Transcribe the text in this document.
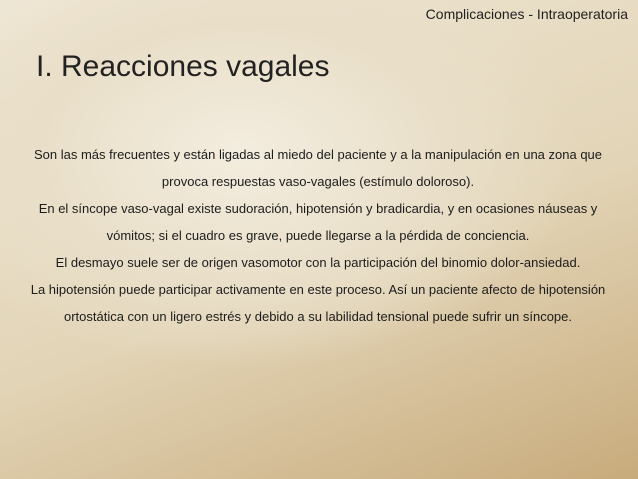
Complicaciones - Intraoperatoria
I. Reacciones vagales

Son las más frecuentes y están ligadas al miedo del paciente y a la manipulación en una zona que provoca respuestas vaso-vagales (estímulo doloroso).

En el síncope vaso-vagal existe sudoración, hipotensión y bradicardia, y en ocasiones náuseas y vómitos; si el cuadro es grave, puede llegarse a la pérdida de conciencia.

El desmayo suele ser de origen vasomotor con la participación del binomio dolor-ansiedad.

La hipotensión puede participar activamente en este proceso. Así un paciente afecto de hipotensión ortostática con un ligero estrés y debido a su labilidad tensional puede sufrir un síncope.
